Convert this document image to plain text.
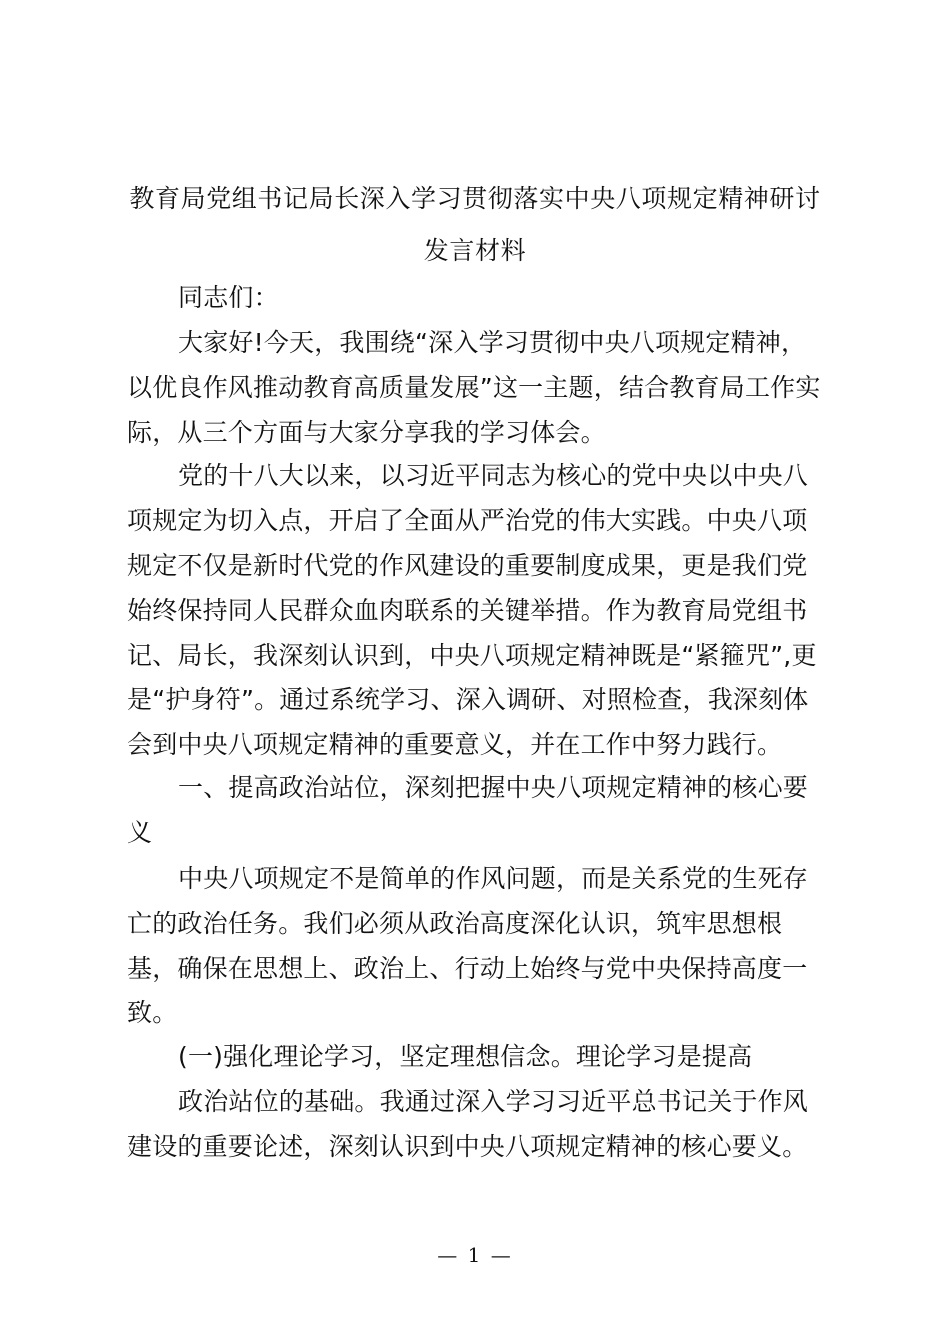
教育局党组书记局长深入学习贯彻落实中央八项规定精神研讨
发言材料
同志们：
大家好!今天，我围绕“深入学习贯彻中央八项规定精神，
以优良作风推动教育高质量发展”这一主题，结合教育局工作实
际，从三个方面与大家分享我的学习体会。
党的十八大以来，以习近平同志为核心的党中央以中央八
项规定为切入点，开启了全面从严治党的伟大实践。中央八项
规定不仅是新时代党的作风建设的重要制度成果，更是我们党
始终保持同人民群众血肉联系的关键举措。作为教育局党组书
记、局长，我深刻认识到，中央八项规定精神既是“紧箍咒”,更
是“护身符”。通过系统学习、深入调研、对照检查，我深刻体
会到中央八项规定精神的重要意义，并在工作中努力践行。
一、提高政治站位，深刻把握中央八项规定精神的核心要
义
中央八项规定不是简单的作风问题，而是关系党的生死存
亡的政治任务。我们必须从政治高度深化认识，筑牢思想根
基，确保在思想上、政治上、行动上始终与党中央保持高度一
致。
(一)强化理论学习，坚定理想信念。理论学习是提高
政治站位的基础。我通过深入学习习近平总书记关于作风
建设的重要论述，深刻认识到中央八项规定精神的核心要义。
— 1 —
